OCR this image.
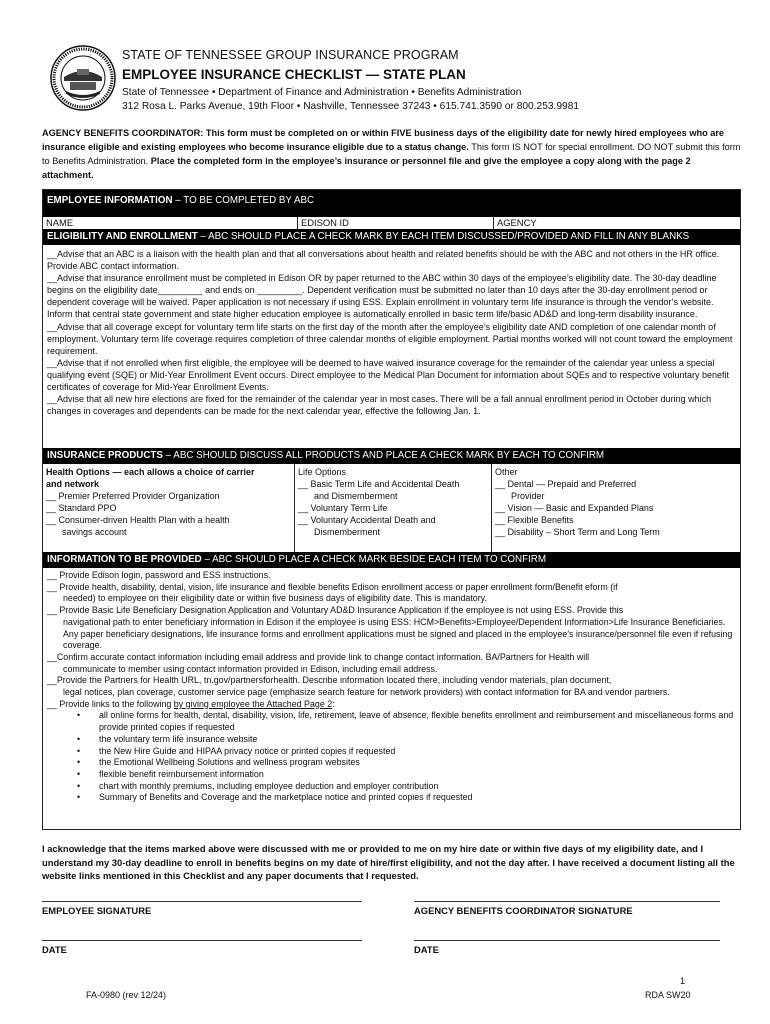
STATE OF TENNESSEE GROUP INSURANCE PROGRAM
EMPLOYEE INSURANCE CHECKLIST — STATE PLAN
State of Tennessee • Department of Finance and Administration • Benefits Administration
312 Rosa L. Parks Avenue, 19th Floor • Nashville, Tennessee 37243 • 615.741.3590 or 800.253.9981
AGENCY BENEFITS COORDINATOR: This form must be completed on or within FIVE business days of the eligibility date for newly hired employees who are insurance eligible and existing employees who become insurance eligible due to a status change. This form IS NOT for special enrollment. DO NOT submit this form to Benefits Administration. Place the completed form in the employee’s insurance or personnel file and give the employee a copy along with the page 2 attachment.
EMPLOYEE INFORMATION – TO BE COMPLETED BY ABC
NAME	EDISON ID	AGENCY
ELIGIBILITY AND ENROLLMENT – ABC SHOULD PLACE A CHECK MARK BY EACH ITEM DISCUSSED/PROVIDED AND FILL IN ANY BLANKS

__Advise that an ABC is a liaison with the health plan and that all conversations about health and related benefits should be with the ABC and not others in the HR office. Provide ABC contact information.

__Advise that insurance enrollment must be completed in Edison OR by paper returned to the ABC within 30 days of the employee’s eligibility date. The 30-day deadline begins on the eligibility date_________ and ends on _________. Dependent verification must be submitted no later than 10 days after the 30-day enrollment period or dependent coverage will be waived. Paper application is not necessary if using ESS. Explain enrollment in voluntary term life insurance is through the vendor’s website. Inform that central state government and state higher education employee is automatically enrolled in basic term life/basic AD&D and long-term disability insurance.

__Advise that all coverage except for voluntary term life starts on the first day of the month after the employee’s eligibility date AND completion of one calendar month of employment. Voluntary term life coverage requires completion of three calendar months of eligible employment. Partial months worked will not count toward the employment requirement.

__Advise that if not enrolled when first eligible, the employee will be deemed to have waived insurance coverage for the remainder of the calendar year unless a special qualifying event (SQE) or Mid-Year Enrollment Event occurs. Direct employee to the Medical Plan Document for information about SQEs and to respective voluntary benefit certificates of coverage for Mid-Year Enrollment Events.

__Advise that all new hire elections are fixed for the remainder of the calendar year in most cases. There will be a fall annual enrollment period in October during which changes in coverages and dependents can be made for the next calendar year, effective the following Jan. 1.

INSURANCE PRODUCTS – ABC SHOULD DISCUSS ALL PRODUCTS AND PLACE A CHECK MARK BY EACH TO CONFIRM

Health Options — each allows a choice of carrier

and network

__ Premier Preferred Provider Organization

__ Standard PPO

__ Consumer-driven Health Plan with a health

savings account

Life Options

__ Basic Term Life and Accidental Death

and Dismemberment

__ Voluntary Term Life

__ Voluntary Accidental Death and

Dismemberment

Other

__ Dental — Prepaid and Preferred

Provider

__ Vision — Basic and Expanded Plans

__ Flexible Benefits

__ Disability – Short Term and Long Term

INFORMATION TO BE PROVIDED – ABC SHOULD PLACE A CHECK MARK BESIDE EACH ITEM TO CONFIRM

__ Provide Edison login, password and ESS instructions.

__ Provide health, disability, dental, vision, life insurance and flexible benefits Edison enrollment access or paper enrollment form/Benefit eform (if

needed) to employee on their eligibility date or within five business days of eligibility date. This is mandatory.

__ Provide Basic Life Beneficiary Designation Application and Voluntary AD&D Insurance Application if the employee is not using ESS. Provide this

navigational path to enter beneficiary information in Edison if the employee is using ESS: HCM>Benefits>Employee/Dependent Information>Life Insurance Beneficiaries. Any paper beneficiary designations, life insurance forms and enrollment applications must be signed and placed in the employee’s insurance/personnel file even if refusing coverage.

__Confirm accurate contact information including email address and provide link to change contact information. BA/Partners for Health will

communicate to member using contact information provided in Edison, including email address.

__Provide the Partners for Health URL, tn.gov/partnersforhealth. Describe information located there, including vendor materials, plan document,

legal notices, plan coverage, customer service page (emphasize search feature for network providers) with contact information for BA and vendor partners.

__ Provide links to the following by giving employee the Attached Page 2:

• all online forms for health, dental, disability, vision, life, retirement, leave of absence, flexible benefits enrollment and reimbursement and miscellaneous forms and provide printed copies if requested
• the voluntary term life insurance website
• the New Hire Guide and HIPAA privacy notice or printed copies if requested
• the Emotional Wellbeing Solutions and wellness program websites
• flexible benefit reimbursement information
• chart with monthly premiums, including employee deduction and employer contribution
• Summary of Benefits and Coverage and the marketplace notice and printed copies if requested
I acknowledge that the items marked above were discussed with me or provided to me on my hire date or within five days of my eligibility date, and I understand my 30-day deadline to enroll in benefits begins on my date of hire/first eligibility, and not the day after. I have received a document listing all the website links mentioned in this Checklist and any paper documents that I requested.
EMPLOYEE SIGNATURE	AGENCY BENEFITS COORDINATOR SIGNATURE
DATE	DATE
1
FA-0980 (rev 12/24)	RDA SW20
